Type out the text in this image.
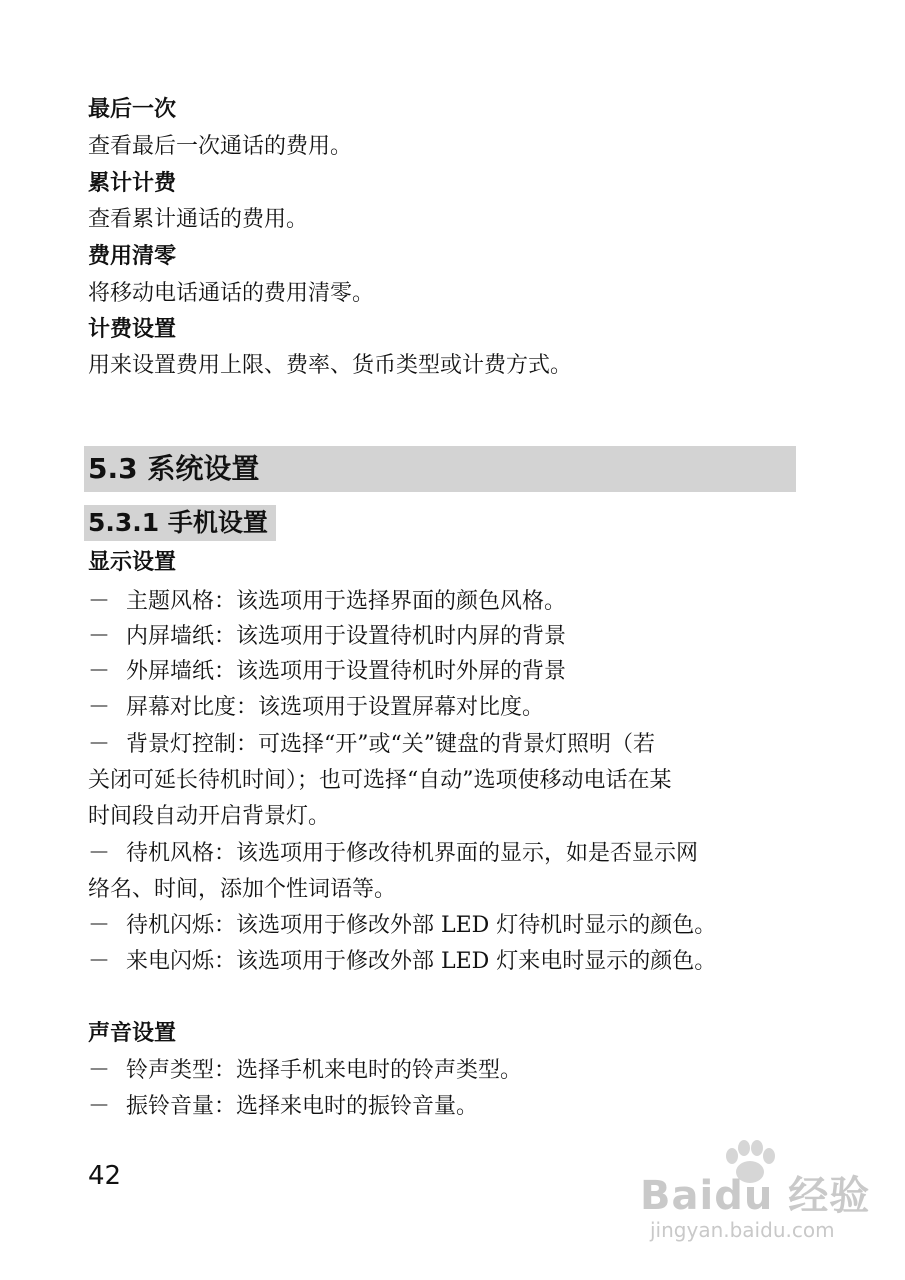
最后一次
查看最后一次通话的费用。
累计计费
查看累计通话的费用。
费用清零
将移动电话通话的费用清零。
计费设置
用来设置费用上限、费率、货币类型或计费方式。
5.3 系统设置
5.3.1 手机设置
显示设置
－ 主题风格：该选项用于选择界面的颜色风格。
－ 内屏墙纸：该选项用于设置待机时内屏的背景
－ 外屏墙纸：该选项用于设置待机时外屏的背景
－ 屏幕对比度：该选项用于设置屏幕对比度。
－ 背景灯控制：可选择“开”或“关”键盘的背景灯照明（若
关闭可延长待机时间）；也可选择“自动”选项使移动电话在某
时间段自动开启背景灯。
－ 待机风格：该选项用于修改待机界面的显示，如是否显示网
络名、时间，添加个性词语等。
－ 待机闪烁：该选项用于修改外部 LED 灯待机时显示的颜色。
－ 来电闪烁：该选项用于修改外部 LED 灯来电时显示的颜色。
声音设置
－ 铃声类型：选择手机来电时的铃声类型。
－ 振铃音量：选择来电时的振铃音量。
42	Baidu 经验
jingyan.baidu.com
